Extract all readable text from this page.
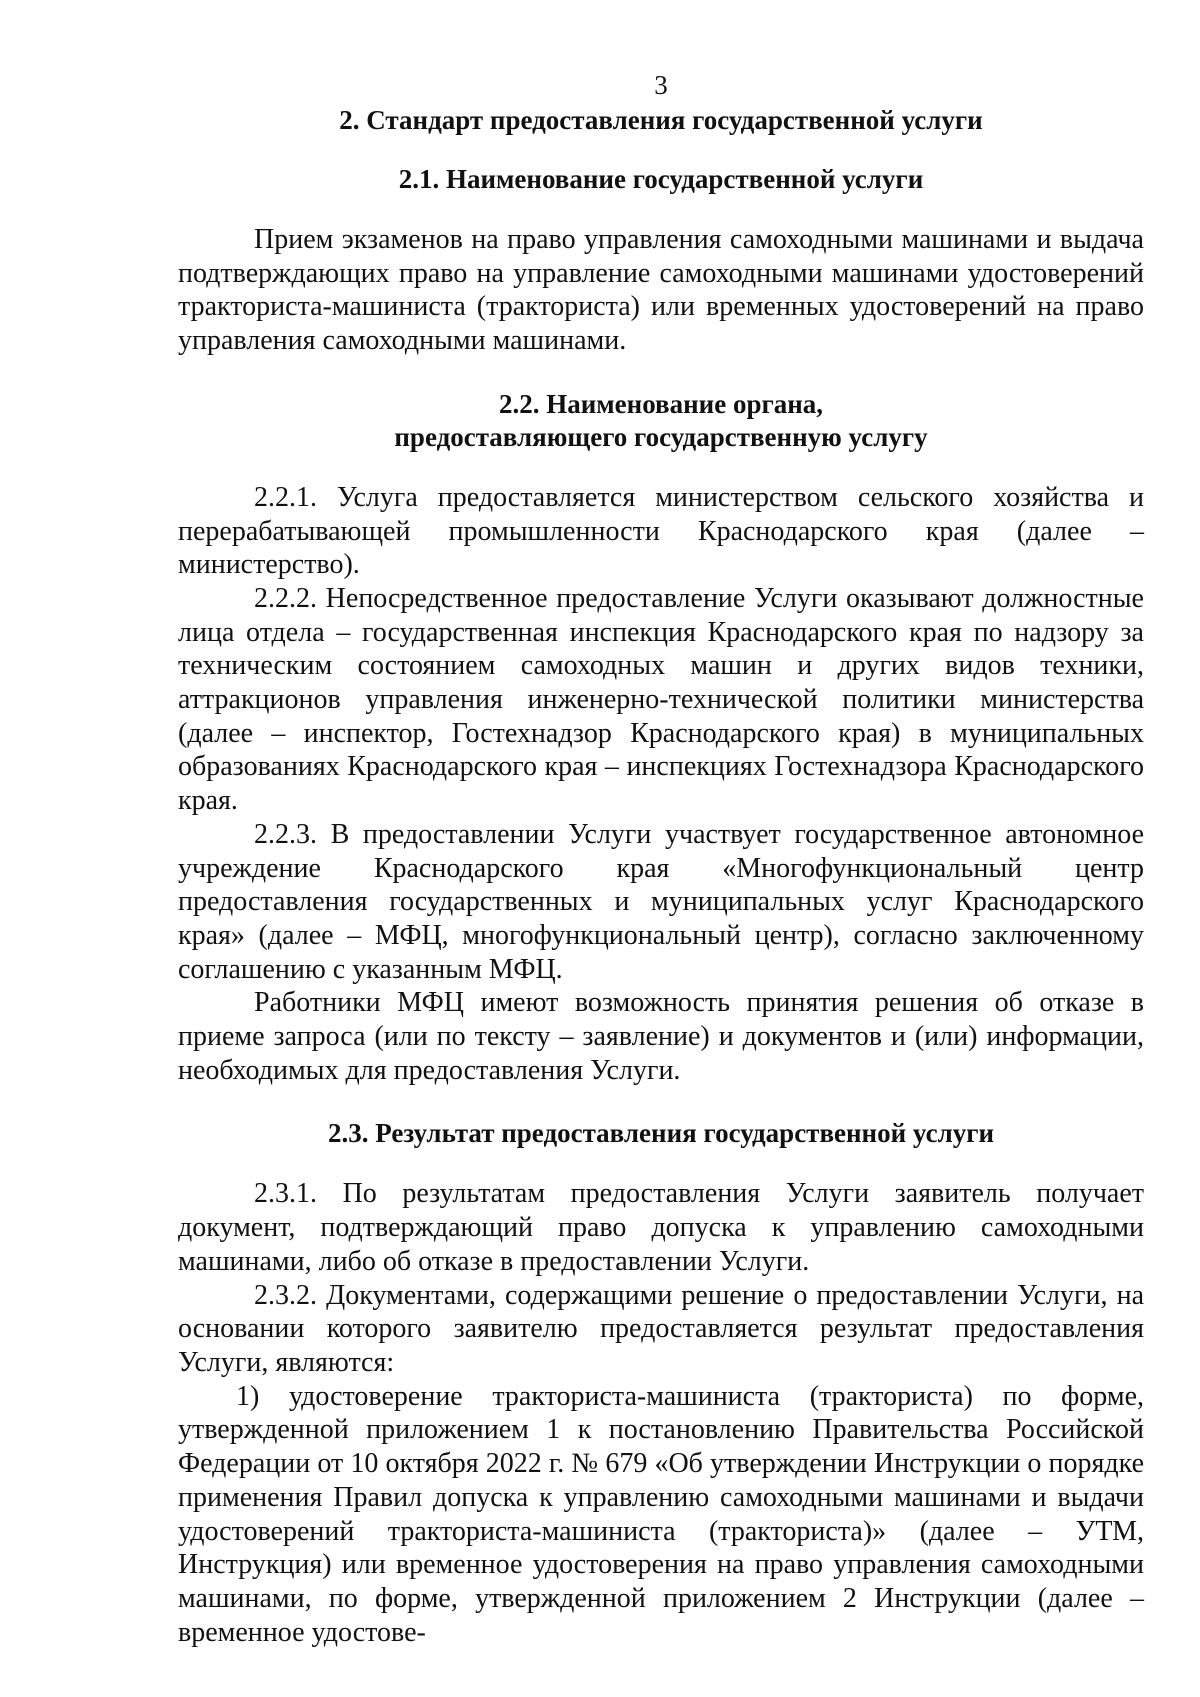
3
2. Стандарт предоставления государственной услуги
2.1. Наименование государственной услуги

Прием экзаменов на право управления самоходными машинами и выдача подтверждающих право на управление самоходными машинами удостоверений тракториста-машиниста (тракториста) или временных удостоверений на право управления самоходными машинами.

2.2. Наименование органа,
предоставляющего государственную услугу

2.2.1. Услуга предоставляется министерством сельского хозяйства и перерабатывающей промышленности Краснодарского края (далее – министерство).

2.2.2. Непосредственное предоставление Услуги оказывают должностные лица отдела – государственная инспекция Краснодарского края по надзору за техническим состоянием самоходных машин и других видов техники, аттракционов управления инженерно-технической политики министерства (далее – инспектор, Гостехнадзор Краснодарского края) в муниципальных образованиях Краснодарского края – инспекциях Гостехнадзора Краснодарского края.

2.2.3. В предоставлении Услуги участвует государственное автономное учреждение Краснодарского края «Многофункциональный центр предоставления государственных и муниципальных услуг Краснодарского края» (далее – МФЦ, многофункциональный центр), согласно заключенному соглашению с указанным МФЦ.

Работники МФЦ имеют возможность принятия решения об отказе в приеме запроса (или по тексту – заявление) и документов и (или) информации, необходимых для предоставления Услуги.

2.3. Результат предоставления государственной услуги

2.3.1. По результатам предоставления Услуги заявитель получает документ, подтверждающий право допуска к управлению самоходными машинами, либо об отказе в предоставлении Услуги.

2.3.2. Документами, содержащими решение о предоставлении Услуги, на основании которого заявителю предоставляется результат предоставления Услуги, являются:

1) удостоверение тракториста-машиниста (тракториста) по форме, утвержденной приложением 1 к постановлению Правительства Российской Федерации от 10 октября 2022 г. № 679 «Об утверждении Инструкции о порядке применения Правил допуска к управлению самоходными машинами и выдачи удостоверений тракториста-машиниста (тракториста)» (далее – УТМ, Инструкция) или временное удостоверения на право управления самоходными машинами, по форме, утвержденной приложением 2 Инструкции (далее – временное удостове-
